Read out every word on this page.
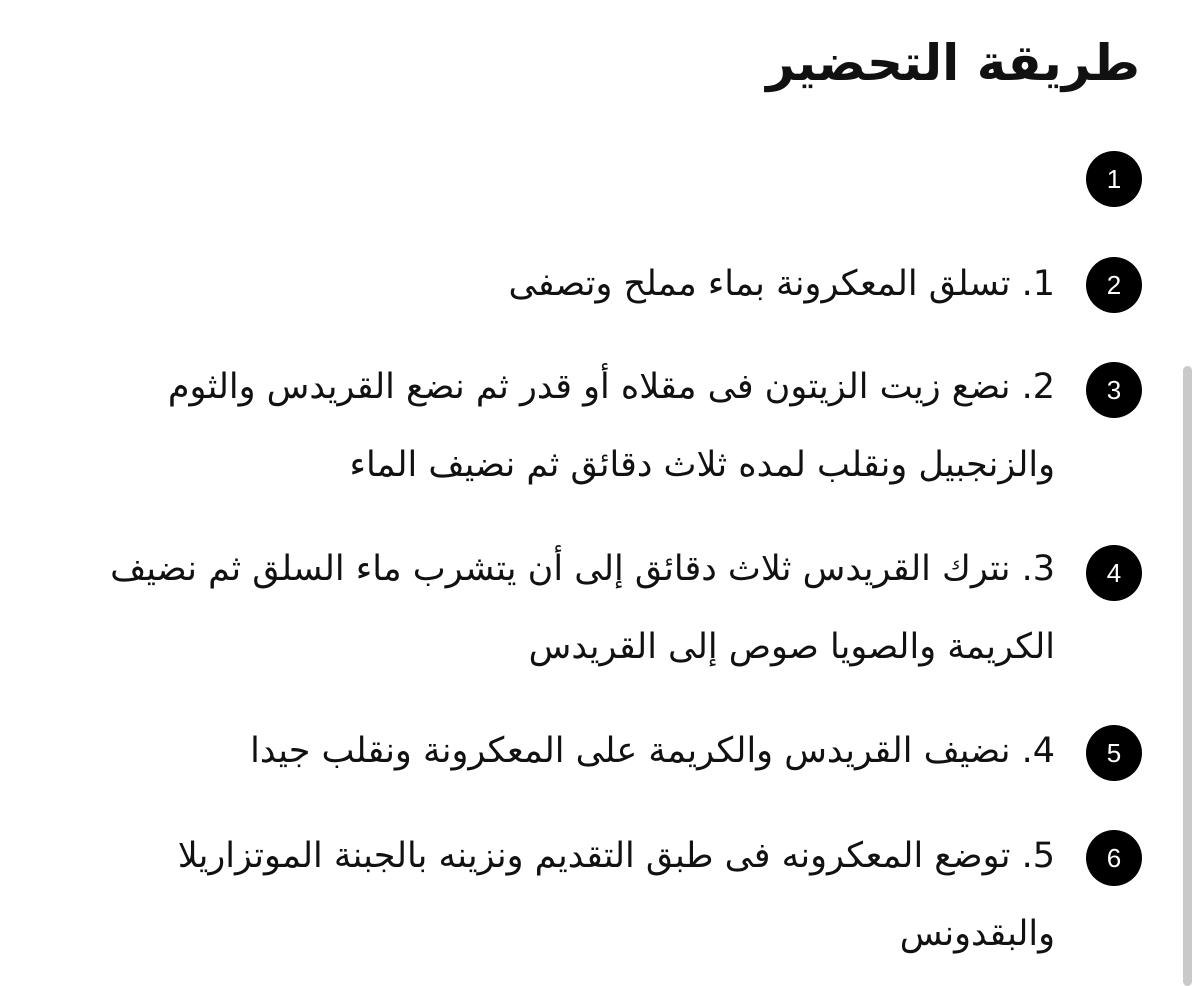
طريقة التحضير
1

2

1. تسلق المعكرونة بماء مملح وتصفى

3

2. نضع زيت الزيتون فى مقلاه أو قدر ثم نضع القريدس والثوم والزنجبيل ونقلب لمده ثلاث دقائق ثم نضيف الماء

4

3. نترك القريدس ثلاث دقائق إلى أن يتشرب ماء السلق ثم نضيف الكريمة والصويا صوص إلى القريدس

5

4. نضيف القريدس والكريمة على المعكرونة ونقلب جيدا

6

5. توضع المعكرونه فى طبق التقديم ونزينه بالجبنة الموتزاريلا والبقدونس
